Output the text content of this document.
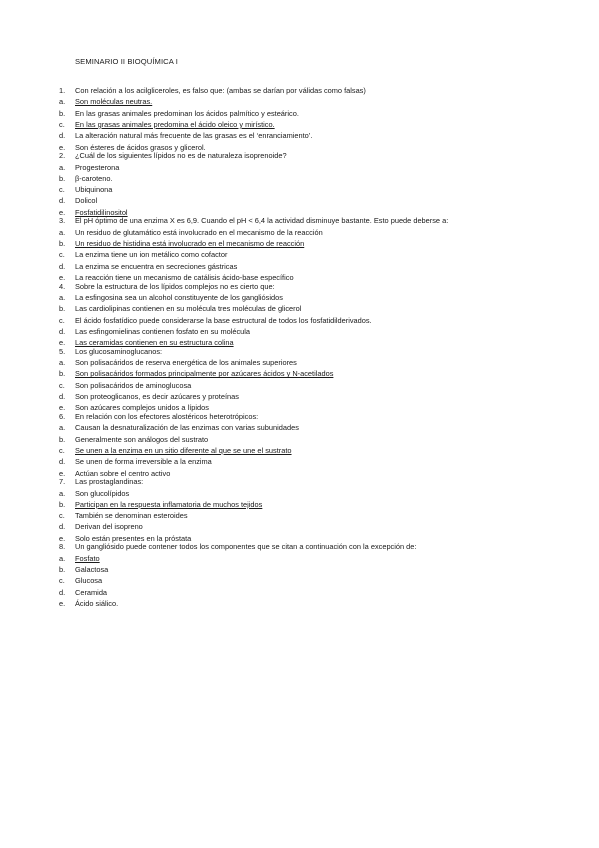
SEMINARIO II BIOQUÍMICA I
1. Con relación a los acilgliceroles, es falso que: (ambas se darían por válidas como falsas)
a. Son moléculas neutras.
b. En las grasas animales predominan los ácidos palmítico y esteárico.
c. En las grasas animales predomina el ácido oleico y mirístico.
d. La alteración natural más frecuente de las grasas es el ‘enranciamiento’.
e. Son ésteres de ácidos grasos y glicerol.
2. ¿Cuál de los siguientes lípidos no es de naturaleza isoprenoide?
a. Progesterona
b. β-caroteno.
c. Ubiquinona
d. Dolicol
e. Fosfatidilinositol
3. El pH óptimo de una enzima X es 6,9. Cuando el pH < 6,4 la actividad disminuye bastante. Esto puede deberse a:
a. Un residuo de glutamático está involucrado en el mecanismo de la reacción
b. Un residuo de histidina está involucrado en el mecanismo de reacción
c. La enzima tiene un ion metálico como cofactor
d. La enzima se encuentra en secreciones gástricas
e. La reacción tiene un mecanismo de catálisis ácido-base específico
4. Sobre la estructura de los lípidos complejos no es cierto que:
a. La esfingosina sea un alcohol constituyente de los gangliósidos
b. Las cardiolipinas contienen en su molécula tres moléculas de glicerol
c. El ácido fosfatídico puede considerarse la base estructural de todos los fosfatidilderivados.
d. Las esfingomielinas contienen fosfato en su molécula
e. Las ceramidas contienen en su estructura colina
5. Los glucosaminoglucanos:
a. Son polisacáridos de reserva energética de los animales superiores
b. Son polisacáridos formados principalmente por azúcares ácidos y N-acetilados
c. Son polisacáridos de aminoglucosa
d. Son proteoglicanos, es decir azúcares y proteínas
e. Son azúcares complejos unidos a lípidos
6. En relación con los efectores alostéricos heterotrópicos:
a. Causan la desnaturalización de las enzimas con varias subunidades
b. Generalmente son análogos del sustrato
c. Se unen a la enzima en un sitio diferente al que se une el sustrato
d. Se unen de forma irreversible a la enzima
e. Actúan sobre el centro activo
7. Las prostaglandinas:
a. Son glucolípidos
b. Participan en la respuesta inflamatoria de muchos tejidos
c. También se denominan esteroides
d. Derivan del isopreno
e. Solo están presentes en la próstata
8. Un gangliósido puede contener todos los componentes que se citan a continuación con la excepción de:
a. Fosfato
b. Galactosa
c. Glucosa
d. Ceramida
e. Ácido siálico.
